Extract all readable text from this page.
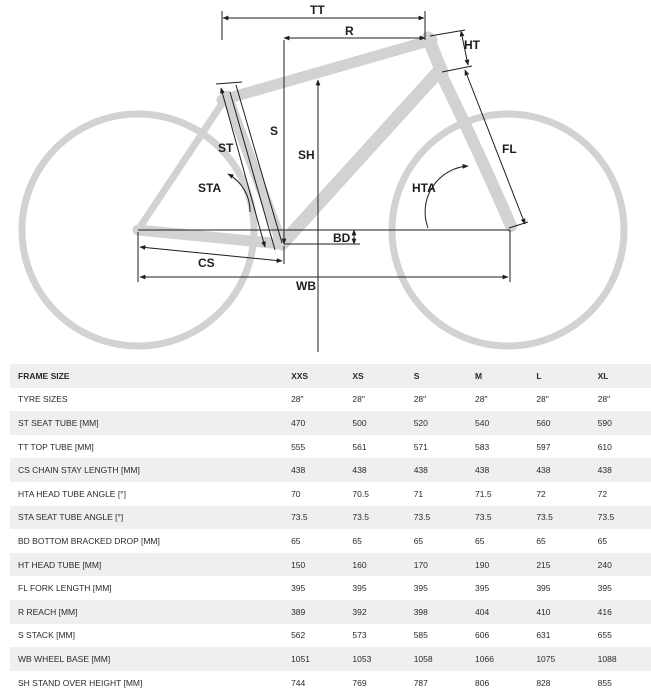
TT
R
HT
S
SH
ST	FL
STA	HTA
BD
CS
WB
FRAME SIZE	XXS	XS	S	M	L	XL
TYRE SIZES	28"	28"	28"	28"	28"	28"
ST SEAT TUBE [MM]	470	500	520	540	560	590
TT TOP TUBE [MM]	555	561	571	583	597	610
CS CHAIN STAY LENGTH [MM]	438	438	438	438	438	438
HTA HEAD TUBE ANGLE [°]	70	70.5	71	71.5	72	72
STA SEAT TUBE ANGLE [°]	73.5	73.5	73.5	73.5	73.5	73.5
BD BOTTOM BRACKED DROP [MM]	65	65	65	65	65	65
HT HEAD TUBE [MM]	150	160	170	190	215	240
FL FORK LENGTH [MM]	395	395	395	395	395	395
R REACH [MM]	389	392	398	404	410	416
S STACK [MM]	562	573	585	606	631	655
WB WHEEL BASE [MM]	1051	1053	1058	1066	1075	1088
SH STAND OVER HEIGHT [MM]	744	769	787	806	828	855
